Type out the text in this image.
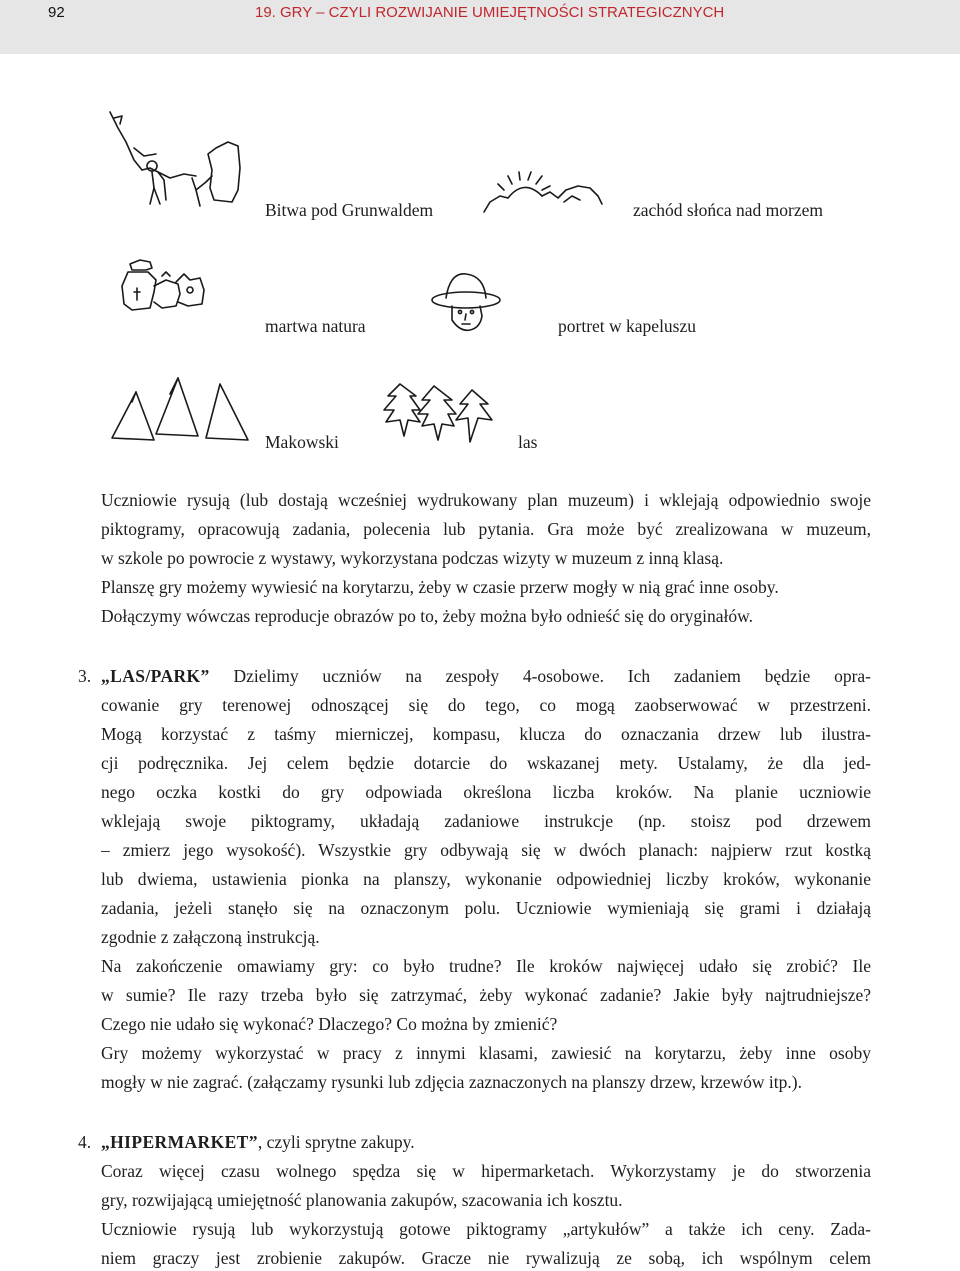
92	19. GRY – CZYLI ROZWIJANIE UMIEJĘTNOŚCI STRATEGICZNYCH
Bitwa pod Grunwaldem	zachód słońca nad morzem
martwa natura	portret w kapeluszu
Makowski	las
Uczniowie rysują (lub dostają wcześniej wydrukowany plan muzeum) i wklejają odpowiednio swoje
piktogramy, opracowują zadania, polecenia lub pytania. Gra może być zrealizowana w muzeum,
w szkole po powrocie z wystawy, wykorzystana podczas wizyty w muzeum z inną klasą.
Planszę gry możemy wywiesić na korytarzu, żeby w czasie przerw mogły w nią grać inne osoby.
Dołączymy wówczas reproducje obrazów po to, żeby można było odnieść się do oryginałów.
3. „LAS/PARK” Dzielimy uczniów na zespoły 4-osobowe. Ich zadaniem będzie opra-
cowanie gry terenowej odnoszącej się do tego, co mogą zaobserwować w przestrzeni.
Mogą korzystać z taśmy mierniczej, kompasu, klucza do oznaczania drzew lub ilustra-
cji podręcznika. Jej celem będzie dotarcie do wskazanej mety. Ustalamy, że dla jed-
nego oczka kostki do gry odpowiada określona liczba kroków. Na planie uczniowie
wklejają swoje piktogramy, układają zadaniowe instrukcje (np. stoisz pod drzewem
– zmierz jego wysokość). Wszystkie gry odbywają się w dwóch planach: najpierw rzut kostką
lub dwiema, ustawienia pionka na planszy, wykonanie odpowiedniej liczby kroków, wykonanie
zadania, jeżeli stanęło się na oznaczonym polu. Uczniowie wymieniają się grami i działają
zgodnie z załączoną instrukcją.
Na zakończenie omawiamy gry: co było trudne? Ile kroków najwięcej udało się zrobić? Ile
w sumie? Ile razy trzeba było się zatrzymać, żeby wykonać zadanie? Jakie były najtrudniejsze?
Czego nie udało się wykonać? Dlaczego? Co można by zmienić?
Gry możemy wykorzystać w pracy z innymi klasami, zawiesić na korytarzu, żeby inne osoby
mogły w nie zagrać. (załączamy rysunki lub zdjęcia zaznaczonych na planszy drzew, krzewów itp.).
4. „HIPERMARKET”, czyli sprytne zakupy.
Coraz więcej czasu wolnego spędza się w hipermarketach. Wykorzystamy je do stworzenia
gry, rozwijającą umiejętność planowania zakupów, szacowania ich kosztu.
Uczniowie rysują lub wykorzystują gotowe piktogramy „artykułów” a także ich ceny. Zada-
niem graczy jest zrobienie zakupów. Gracze nie rywalizują ze sobą, ich wspólnym celem
